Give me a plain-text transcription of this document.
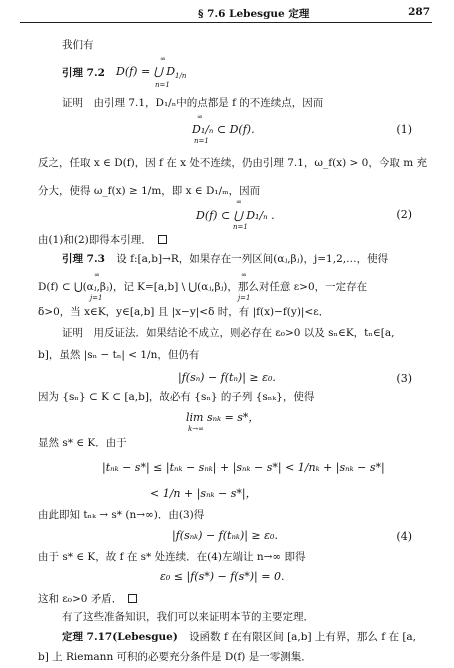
§ 7.6 Lebesgue 定理	287
我们有
引理 7.2 D(f) = ⋃ $D_{1/n}$
∞
n=1
证明　由引理 7.1，D₁/ₙ中的点都是 f 的不连续点，因而
D₁/ₙ ⊂ D(f).
∞
n=1
(1)
反之，任取 x ∈ D(f)，因 f 在 x 处不连续，仍由引理 7.1，ω_f(x) > 0，今取 m 充
分大，使得 ω_f(x) ≥ 1/m，即 x ∈ D₁/ₘ，因而
D(f) ⊂ ⋃ D₁/ₙ .
∞
n=1
(2)
由(1)和(2)即得本引理．
引理 7.3 设 f:[a,b]→R，如果存在一列区间(αⱼ,βⱼ)，j=1,2,…，使得
D(f) ⊂ ⋃(αⱼ,βⱼ)，记 K=[a,b] \ ⋃(αⱼ,βⱼ)，那么对任意 ε>0，一定存在
∞
j=1
∞
j=1
δ>0，当 x∈K，y∈[a,b] 且 |x−y|<δ 时，有 |f(x)−f(y)|<ε．
证明　用反证法．如果结论不成立，则必存在 ε₀>0 以及 sₙ∈K，tₙ∈[a,
b]，虽然 |sₙ − tₙ| < 1/n，但仍有
|f(sₙ) − f(tₙ)| ≥ ε₀.	(3)
因为 {sₙ} ⊂ K ⊂ [a,b]，故必有 {sₙ} 的子列 {sₙₖ}，使得
lim sₙₖ = s*，
k→∞
显然 s* ∈ K．由于
|tₙₖ − s*| ≤ |tₙₖ − sₙₖ| + |sₙₖ − s*| < 1/nₖ + |sₙₖ − s*|
< 1/n + |sₙₖ − s*|，
由此即知 tₙₖ → s* (n→∞)．由(3)得
|f(sₙₖ) − f(tₙₖ)| ≥ ε₀.	(4)
由于 s* ∈ K，故 f 在 s* 处连续．在(4)左端让 n→∞ 即得
ε₀ ≤ |f(s*) − f(s*)| = 0.
这和 ε₀>0 矛盾．
有了这些准备知识，我们可以来证明本节的主要定理．
定理 7.17(Lebesgue) 设函数 f 在有限区间 [a,b] 上有界，那么 f 在 [a,
b] 上 Riemann 可积的必要充分条件是 D(f) 是一零测集．
